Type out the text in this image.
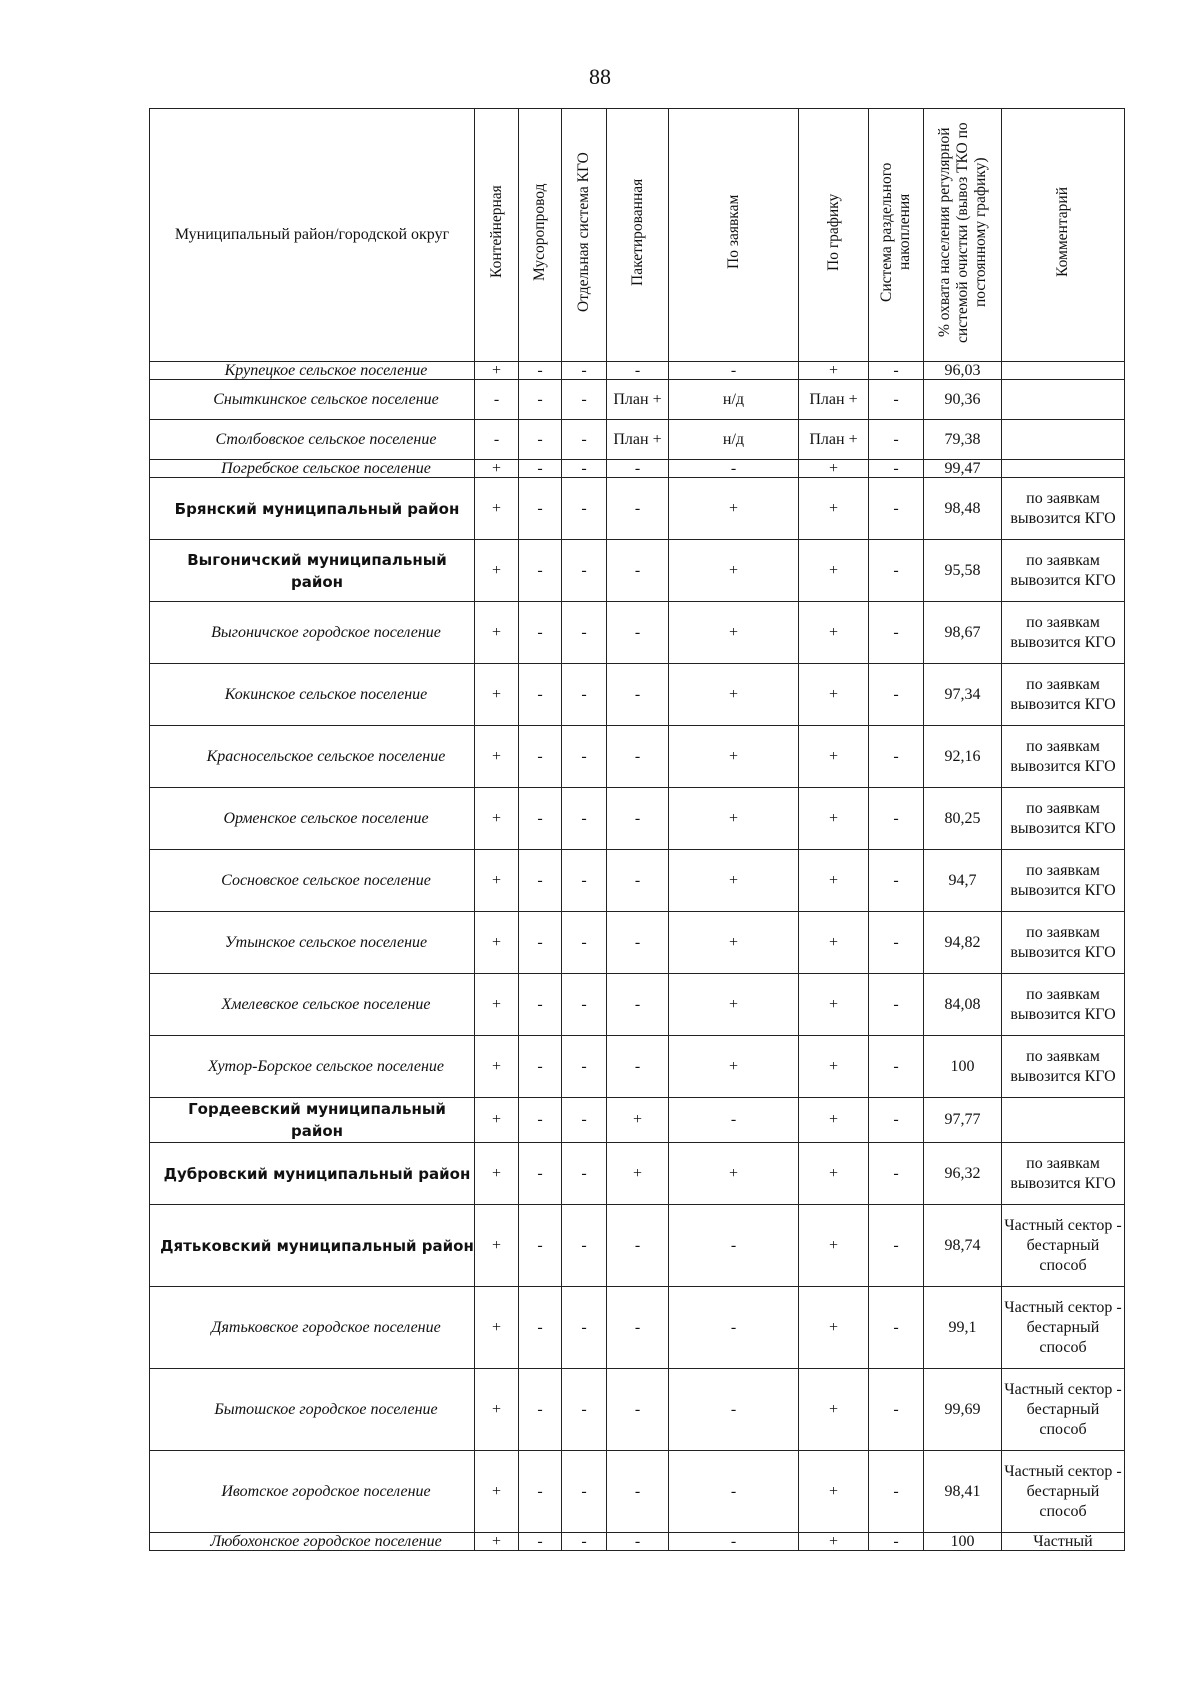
88
Муниципальный район/городской округ	Контейнерная	Мусоропровод	Отдельная система КГО	Пакетированная	По заявкам	По графику	Система раздельного накопления	% охвата населения регулярной системой очистки (вывоз ТКО по постоянному графику)	Комментарий
Крупецкое сельское поселение	+	-	-	-	-	+	-	96,03	
Сныткинское сельское поселение	-	-	-	План +	н/д	План +	-	90,36	
Столбовское сельское поселение	-	-	-	План +	н/д	План +	-	79,38	
Погребское сельское поселение	+	-	-	-	-	+	-	99,47	
Брянский муниципальный район	+	-	-	-	+	+	-	98,48	по заявкам вывозится КГО
Выгоничский муниципальный район	+	-	-	-	+	+	-	95,58	по заявкам вывозится КГО
Выгоничское городское поселение	+	-	-	-	+	+	-	98,67	по заявкам вывозится КГО
Кокинское сельское поселение	+	-	-	-	+	+	-	97,34	по заявкам вывозится КГО
Красносельское сельское поселение	+	-	-	-	+	+	-	92,16	по заявкам вывозится КГО
Орменское сельское поселение	+	-	-	-	+	+	-	80,25	по заявкам вывозится КГО
Сосновское сельское поселение	+	-	-	-	+	+	-	94,7	по заявкам вывозится КГО
Утынское сельское поселение	+	-	-	-	+	+	-	94,82	по заявкам вывозится КГО
Хмелевское сельское поселение	+	-	-	-	+	+	-	84,08	по заявкам вывозится КГО
Хутор-Борское сельское поселение	+	-	-	-	+	+	-	100	по заявкам вывозится КГО
Гордеевский муниципальный район	+	-	-	+	-	+	-	97,77	
Дубровский муниципальный район	+	-	-	+	+	+	-	96,32	по заявкам вывозится КГО
Дятьковский муниципальный район	+	-	-	-	-	+	-	98,74	Частный сектор - бестарный способ
Дятьковское городское поселение	+	-	-	-	-	+	-	99,1	Частный сектор - бестарный способ
Бытошское городское поселение	+	-	-	-	-	+	-	99,69	Частный сектор - бестарный способ
Ивотское городское поселение	+	-	-	-	-	+	-	98,41	Частный сектор - бестарный способ
Любохонское городское поселение	+	-	-	-	-	+	-	100	Частный
